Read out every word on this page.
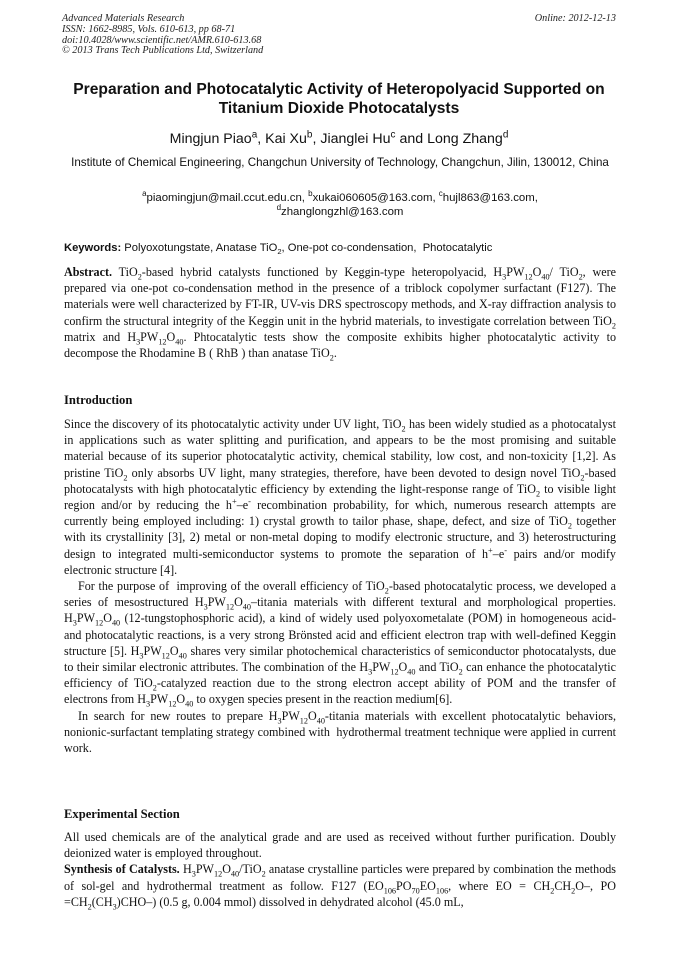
Advanced Materials Research
ISSN: 1662-8985, Vols. 610-613, pp 68-71
doi:10.4028/www.scientific.net/AMR.610-613.68
© 2013 Trans Tech Publications Ltd, Switzerland
Online: 2012-12-13
Preparation and Photocatalytic Activity of Heteropolyacid Supported on Titanium Dioxide Photocatalysts
Mingjun Piao$^a$, Kai Xu$^b$, Jianglei Hu$^c$ and Long Zhang$^d$
Institute of Chemical Engineering, Changchun University of Technology, Changchun, Jilin, 130012, China
$^a$piaomingjun@mail.ccut.edu.cn, $^b$xukai060605@163.com, $^c$hujl863@163.com,
$^d$zhanglongzhl@163.com
Keywords: Polyoxotungstate, Anatase TiO$_2$, One-pot co-condensation,  Photocatalytic

Abstract. TiO$_2$-based hybrid catalysts functioned by Keggin-type heteropolyacid, $H_3PW_{12}O_{40}/$ TiO$_2$, were prepared via one-pot co-condensation method in the presence of a triblock copolymer surfactant (F127). The materials were well characterized by FT-IR, UV-vis DRS spectroscopy methods, and X-ray diffraction analysis to confirm the structural integrity of the Keggin unit in the hybrid materials, to investigate correlation between TiO$_2$ matrix and $H_3PW_{12}O_{40}$. Phtocatalytic tests show the composite exhibits higher photocatalytic activity to decompose the Rhodamine B ( RhB ) than anatase TiO$_2$.

Introduction

Since the discovery of its photocatalytic activity under UV light, TiO$_2$ has been widely studied as a photocatalyst in applications such as water splitting and purification, and appears to be the most promising and suitable material because of its superior photocatalytic activity, chemical stability, low cost, and non-toxicity [1,2]. As pristine TiO$_2$ only absorbs UV light, many strategies, therefore, have been devoted to design novel TiO$_2$-based photocatalysts with high photocatalytic efficiency by extending the light-response range of TiO$_2$ to visible light region and/or by reducing the h+–e- recombination probability, for which, numerous research attempts are currently being employed including: 1) crystal growth to tailor phase, shape, defect, and size of TiO$_2$ together with its crystallinity [3], 2) metal or non-metal doping to modify electronic structure, and 3) heterostructuring design to integrated multi-semiconductor systems to promote the separation of h+–e- pairs and/or modify electronic structure [4].

For the purpose of  improving of the overall efficiency of TiO$_2$-based photocatalytic process, we developed a series of mesostructured $H_3PW_{12}O_{40}$–titania materials with different textural and morphological properties. $H_3PW_{12}O_{40}$ (12-tungstophosphoric acid), a kind of widely used polyoxometalate (POM) in homogeneous acid- and photocatalytic reactions, is a very strong Brönsted acid and efficient electron trap with well-defined Keggin structure [5]. $H_3PW_{12}O_{40}$ shares very similar photochemical characteristics of semiconductor photocatalysts, due to their similar electronic attributes. The combination of the $H_3PW_{12}O_{40}$ and TiO$_2$ can enhance the photocatalytic efficiency of TiO$_2$-catalyzed reaction due to the strong electron accept ability of POM and the transfer of electrons from $H_3PW_{12}O_{40}$ to oxygen species present in the reaction medium[6].

In search for new routes to prepare $H_3PW_{12}O_{40}$-titania materials with excellent photocatalytic behaviors, nonionic-surfactant templating strategy combined with  hydrothermal treatment technique were applied in current work.

Experimental Section

All used chemicals are of the analytical grade and are used as received without further purification. Doubly deionized water is employed throughout.

Synthesis of Catalysts. $H_3PW_{12}O_{40}/TiO_2$ anatase crystalline particles were prepared by combination the methods of sol-gel and hydrothermal treatment as follow. F127 ($EO_{106}PO_{70}EO_{106}$, where EO = $CH_2CH_2O-$, PO $=CH_2(CH_3)CHO-$) (0.5 g, 0.004 mmol) dissolved in dehydrated alcohol (45.0 mL,
